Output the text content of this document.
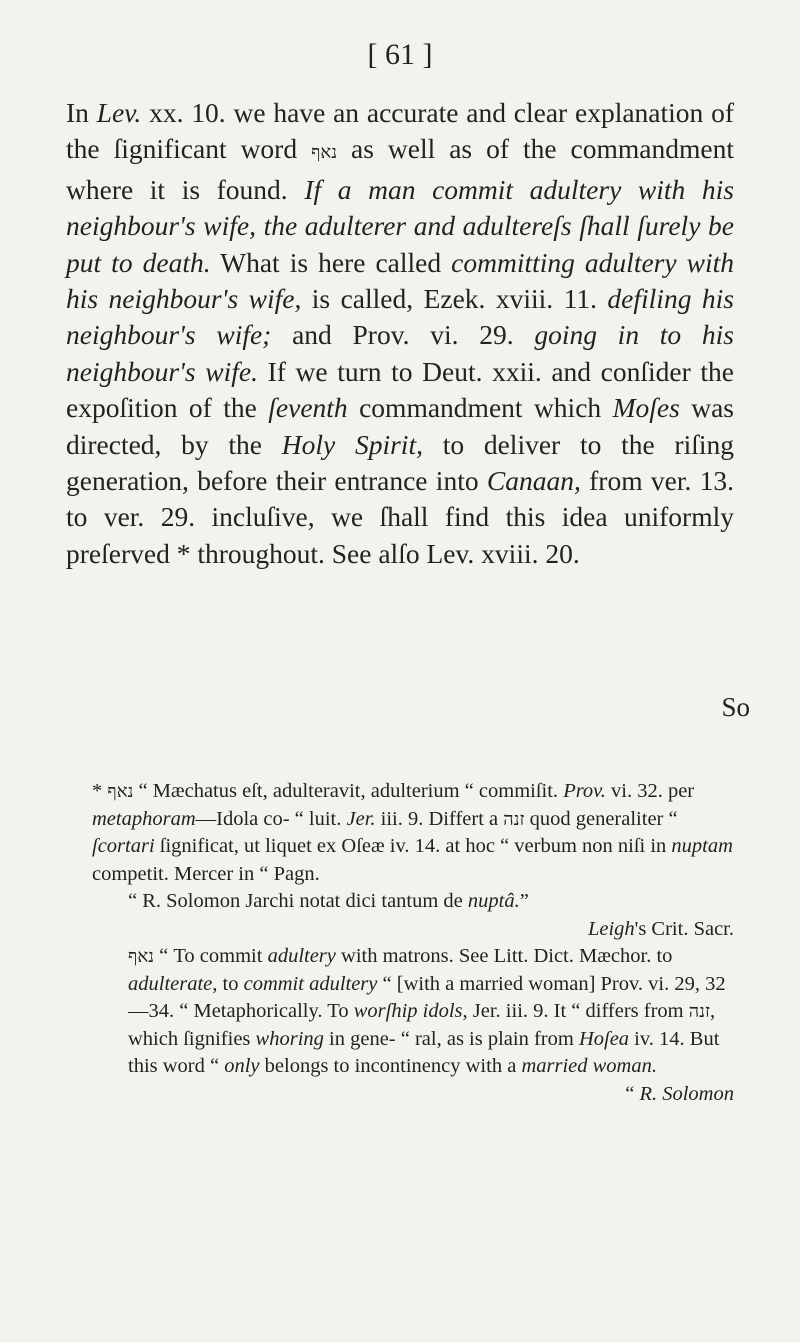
[ 61 ]

In Lev. xx. 10. we have an accurate and clear explanation of the ſignificant word נאף as well as of the commandment where it is found. If a man commit adultery with his neighbour's wife, the adulterer and adultereſs ſhall ſurely be put to death. What is here called committing adultery with his neighbour's wife, is called, Ezek. xviii. 11. defiling his neighbour's wife; and Prov. vi. 29. going in to his neighbour's wife. If we turn to Deut. xxii. and conſider the expoſition of the ſeventh commandment which Moſes was directed, by the Holy Spirit, to deliver to the riſing generation, before their entrance into Canaan, from ver. 13. to ver. 29. incluſive, we ſhall find this idea uniformly preſerved * throughout. See alſo Lev. xviii. 20.

So

* נאף “ Mæchatus eſt, adulteravit, adulterium “ commiſit. Prov. vi. 32. per metaphoram—Idola co- “ luit. Jer. iii. 9. Differt a זנה quod generaliter “ ſcortari ſignificat, ut liquet ex Oſeæ iv. 14. at hoc “ verbum non niſi in nuptam competit. Mercer in “ Pagn.

“ R. Solomon Jarchi notat dici tantum de nuptâ.”

Leigh's Crit. Sacr.

נאף “ To commit adultery with matrons. See Litt. Dict. Mæchor. to adulterate, to commit adultery “ [with a married woman] Prov. vi. 29, 32—34. “ Metaphorically. To worſhip idols, Jer. iii. 9. It “ differs from זנה, which ſignifies whoring in gene- “ ral, as is plain from Hoſea iv. 14. But this word “ only belongs to incontinency with a married woman.

“ R. Solomon
